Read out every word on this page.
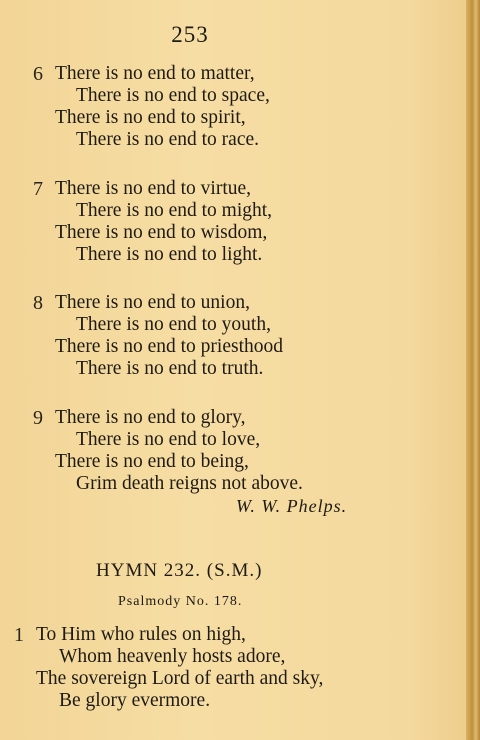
253
6 There is no end to matter,
There is no end to space,
There is no end to spirit,
There is no end to race.
7 There is no end to virtue,
There is no end to might,
There is no end to wisdom,
There is no end to light.
8 There is no end to union,
There is no end to youth,
There is no end to priesthood
There is no end to truth.
9 There is no end to glory,
There is no end to love,
There is no end to being,
Grim death reigns not above.
W. W. Phelps.
HYMN 232. (S.M.)
Psalmody No. 178.
1 To Him who rules on high,
Whom heavenly hosts adore,
The sovereign Lord of earth and sky,
Be glory evermore.
